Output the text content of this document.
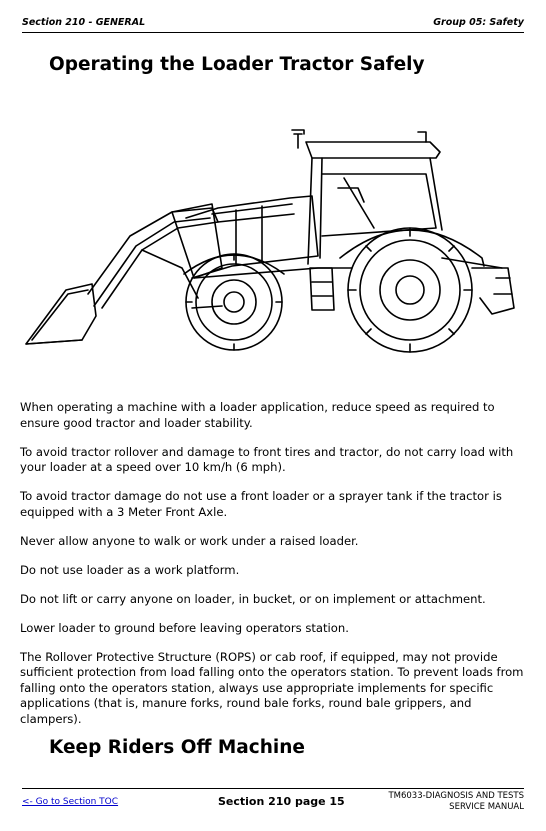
Section 210 - GENERAL	Group 05: Safety
Operating the Loader Tractor Safely

When operating a machine with a loader application, reduce speed as required to ensure good tractor and loader stability.

To avoid tractor rollover and damage to front tires and tractor, do not carry load with your loader at a speed over 10 km/h (6 mph).

To avoid tractor damage do not use a front loader or a sprayer tank if the tractor is equipped with a 3 Meter Front Axle.

Never allow anyone to walk or work under a raised loader.

Do not use loader as a work platform.

Do not lift or carry anyone on loader, in bucket, or on implement or attachment.

Lower loader to ground before leaving operators station.

The Rollover Protective Structure (ROPS) or cab roof, if equipped, may not provide sufficient protection from load falling onto the operators station. To prevent loads from falling onto the operators station, always use appropriate implements for specific applications (that is, manure forks, round bale forks, round bale grippers, and clampers).

Keep Riders Off Machine
<- Go to Section TOC	Section 210 page 15	TM6033-DIAGNOSIS AND TESTS
SERVICE MANUAL
